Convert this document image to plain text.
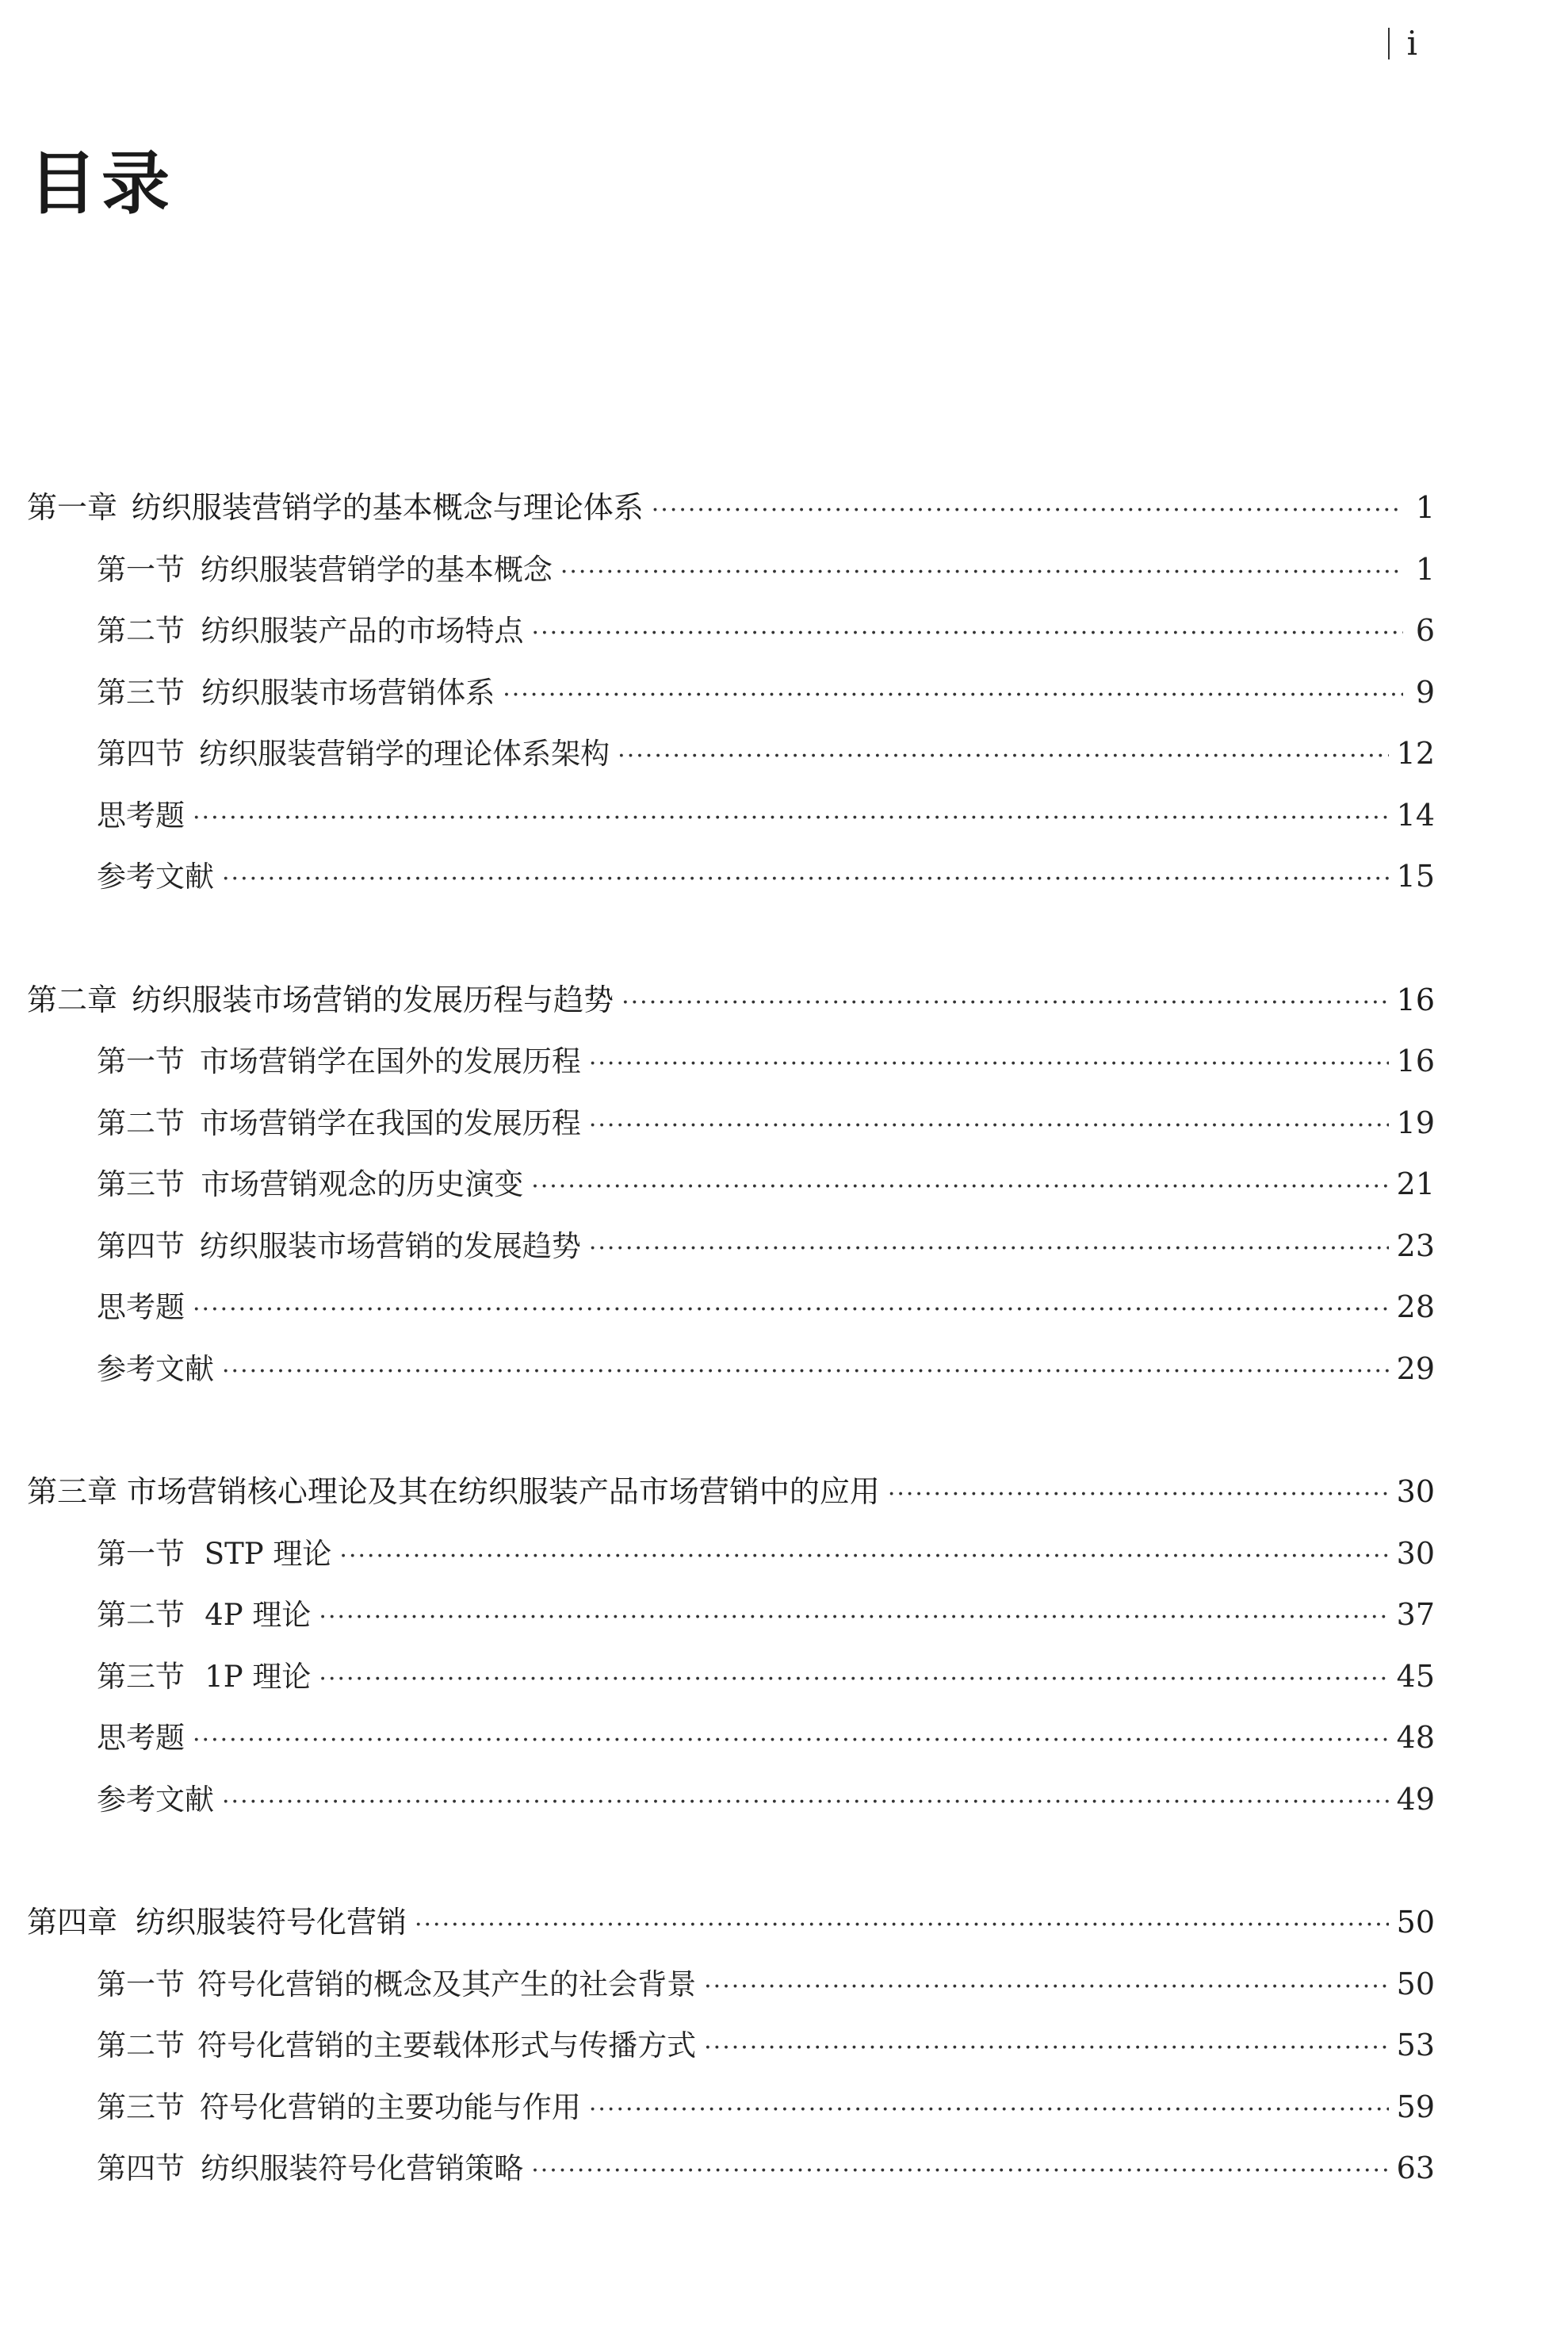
i
目录
第一章 纺织服装营销学的基本概念与理论体系 ·····	1
第一节 纺织服装营销学的基本概念 ·····	1
第二节 纺织服装产品的市场特点 ·····	6
第三节 纺织服装市场营销体系 ·····	9
第四节 纺织服装营销学的理论体系架构 ·····	12
思考题 ·····	14
参考文献 ·····	15
第二章 纺织服装市场营销的发展历程与趋势 ·····	16
第一节 市场营销学在国外的发展历程 ·····	16
第二节 市场营销学在我国的发展历程 ·····	19
第三节 市场营销观念的历史演变 ·····	21
第四节 纺织服装市场营销的发展趋势 ·····	23
思考题 ·····	28
参考文献 ·····	29
第三章 市场营销核心理论及其在纺织服装产品市场营销中的应用 ·····	30
第一节 STP 理论 ·····	30
第二节 4P 理论 ·····	37
第三节 1P 理论 ·····	45
思考题 ·····	48
参考文献 ·····	49
第四章 纺织服装符号化营销 ·····	50
第一节 符号化营销的概念及其产生的社会背景 ·····	50
第二节 符号化营销的主要载体形式与传播方式 ·····	53
第三节 符号化营销的主要功能与作用 ·····	59
第四节 纺织服装符号化营销策略 ·····	63
